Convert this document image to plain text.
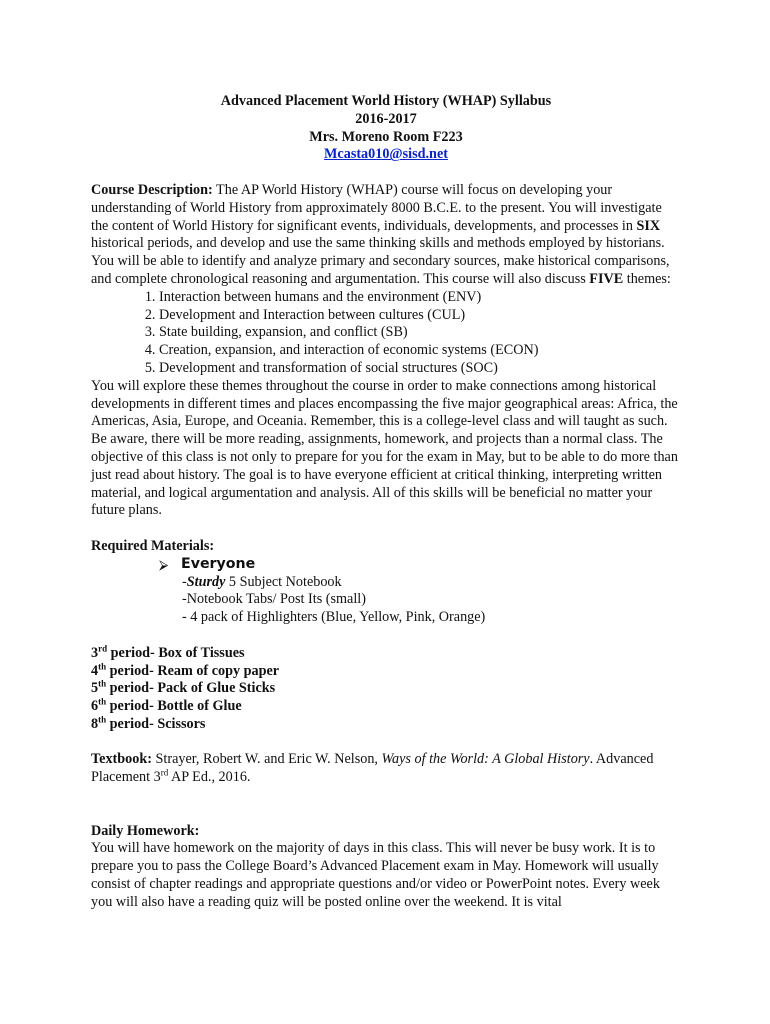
Advanced Placement World History (WHAP) Syllabus
2016-2017
Mrs. Moreno Room F223
Mcasta010@sisd.net

Course Description: The AP World History (WHAP) course will focus on developing your understanding of World History from approximately 8000 B.C.E. to the present. You will investigate the content of World History for significant events, individuals, developments, and processes in SIX historical periods, and develop and use the same thinking skills and methods employed by historians. You will be able to identify and analyze primary and secondary sources, make historical comparisons, and complete chronological reasoning and argumentation. This course will also discuss FIVE themes:

1. Interaction between humans and the environment (ENV)
2. Development and Interaction between cultures (CUL)
3. State building, expansion, and conflict (SB)
4. Creation, expansion, and interaction of economic systems (ECON)
5. Development and transformation of social structures (SOC)

You will explore these themes throughout the course in order to make connections among historical developments in different times and places encompassing the five major geographical areas: Africa, the Americas, Asia, Europe, and Oceania. Remember, this is a college-level class and will taught as such. Be aware, there will be more reading, assignments, homework, and projects than a normal class. The objective of this class is not only to prepare for you for the exam in May, but to be able to do more than just read about history. The goal is to have everyone efficient at critical thinking, interpreting written material, and logical argumentation and analysis. All of this skills will be beneficial no matter your future plans.

Required Materials:

⮚ Everyone
-Sturdy 5 Subject Notebook
-Notebook Tabs/ Post Its (small)
- 4 pack of Highlighters (Blue, Yellow, Pink, Orange)
3rd period- Box of Tissues
4th period- Ream of copy paper
5th period- Pack of Glue Sticks
6th period- Bottle of Glue
8th period- Scissors

Textbook: Strayer, Robert W. and Eric W. Nelson, Ways of the World: A Global History. Advanced Placement 3rd AP Ed., 2016.

Daily Homework:

You will have homework on the majority of days in this class. This will never be busy work. It is to prepare you to pass the College Board’s Advanced Placement exam in May. Homework will usually consist of chapter readings and appropriate questions and/or video or PowerPoint notes. Every week you will also have a reading quiz will be posted online over the weekend. It is vital
